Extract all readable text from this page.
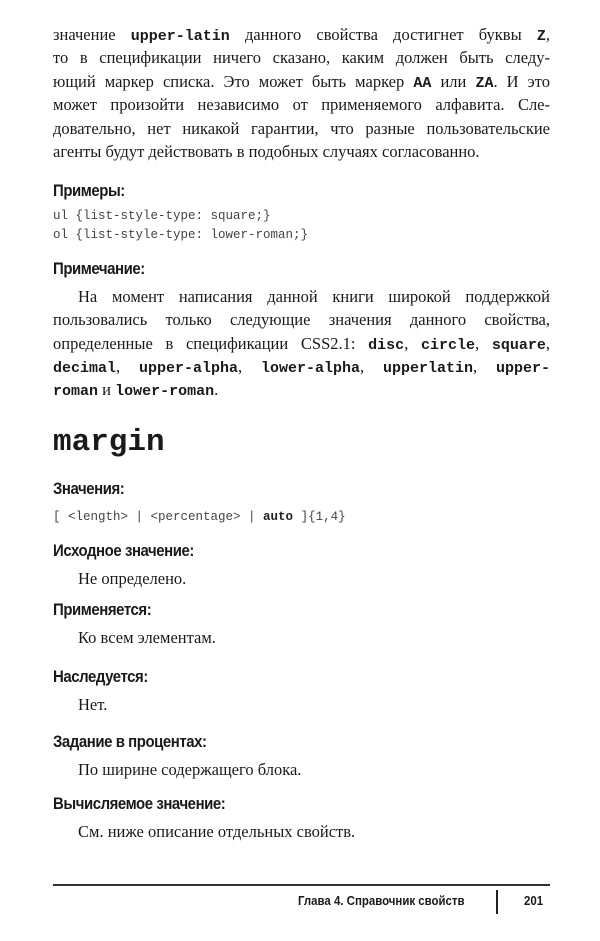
значение upper-latin данного свойства достигнет буквы Z,
то в спецификации ничего сказано, каким должен быть следу-
ющий маркер списка. Это может быть маркер AA или ZA. И это
может произойти независимо от применяемого алфавита. Сле-
довательно, нет никакой гарантии, что разные пользовательские
агенты будут действовать в подобных случаях согласованно.
Примеры:
ul {list-style-type: square;}
ol {list-style-type: lower-roman;}
Примечание:
На момент написания данной книги широкой поддержкой
пользовались только следующие значения данного свойства,
определенные в спецификации CSS2.1: disc, circle, square,
decimal, upper-alpha, lower-alpha, upperlatin, upper-
roman и lower-roman.
margin
Значения:
[ <length> | <percentage> | auto ]{1,4}
Исходное значение:
Не определено.
Применяется:
Ко всем элементам.
Наследуется:
Нет.
Задание в процентах:
По ширине содержащего блока.
Вычисляемое значение:
См. ниже описание отдельных свойств.
Глава 4. Справочник свойств	201
